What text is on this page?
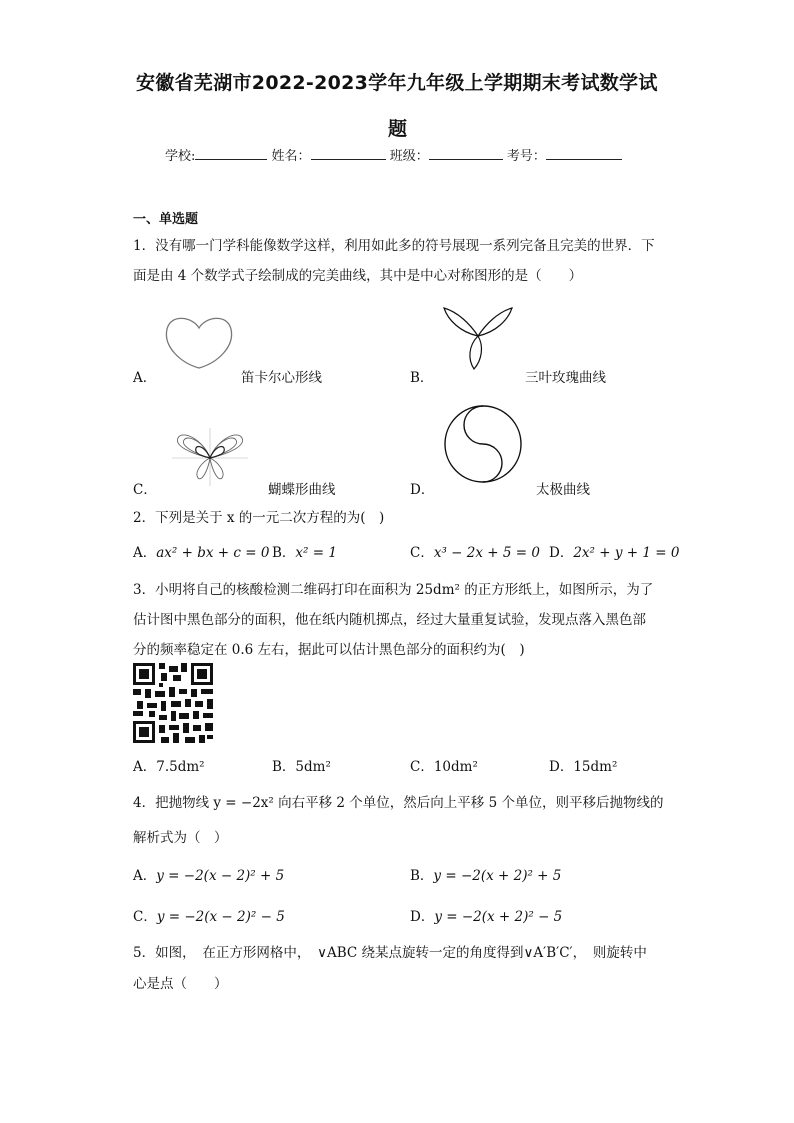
安徽省芜湖市2022-2023学年九年级上学期期末考试数学试
题
学校:	姓名：	班级：	考号：
一、单选题
1．没有哪一门学科能像数学这样，利用如此多的符号展现一系列完备且完美的世界．下
面是由 4 个数学式子绘制成的完美曲线，其中是中心对称图形的是（　　）
A．	笛卡尔心形线	B．	三叶玫瑰曲线
C．	蝴蝶形曲线	D．	太极曲线
2．下列是关于 x 的一元二次方程的为(　)
A．ax² + bx + c = 0 B．x² = 1	C．x³ − 2x + 5 = 0 D．2x² + y + 1 = 0
3．小明将自己的核酸检测二维码打印在面积为 25dm² 的正方形纸上，如图所示，为了
估计图中黑色部分的面积，他在纸内随机掷点，经过大量重复试验，发现点落入黑色部
分的频率稳定在 0.6 左右，据此可以估计黑色部分的面积约为(　)
A．7.5dm²	B．5dm²	C．10dm²	D．15dm²
4．把抛物线 y = −2x² 向右平移 2 个单位，然后向上平移 5 个单位，则平移后抛物线的
解析式为（　）
A．y = −2(x − 2)² + 5	B．y = −2(x + 2)² + 5
C．y = −2(x − 2)² − 5	D．y = −2(x + 2)² − 5
5．如图，　在正方形网格中，　∨ABC 绕某点旋转一定的角度得到∨A′B′C′，　则旋转中
心是点（　　）
